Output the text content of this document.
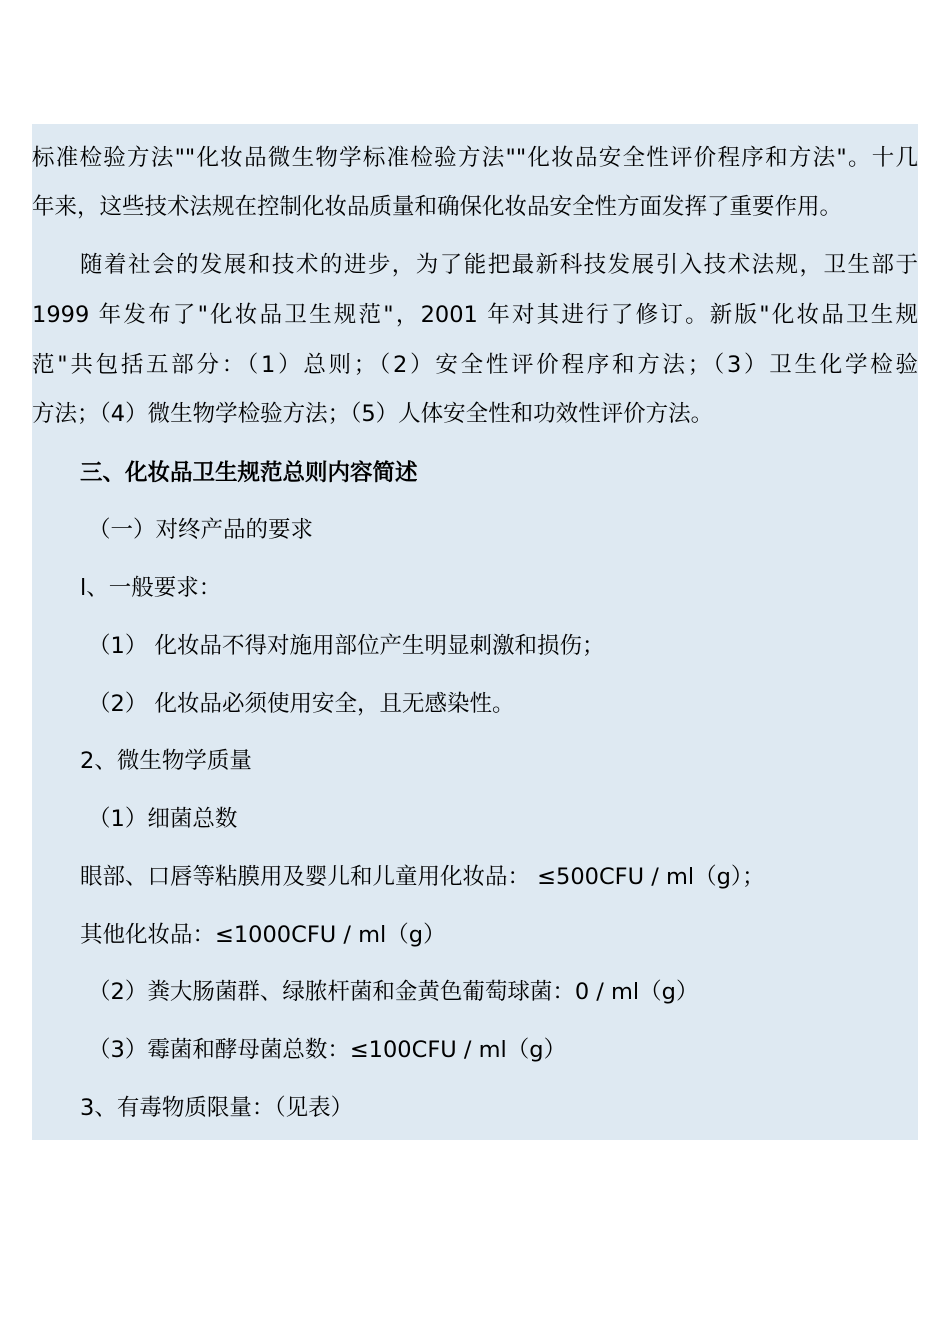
标准检验方法""化妆品微生物学标准检验方法""化妆品安全性评价程序和方法"。十几
年来，这些技术法规在控制化妆品质量和确保化妆品安全性方面发挥了重要作用。
随着社会的发展和技术的进步，为了能把最新科技发展引入技术法规，卫生部于
1999 年发布了"化妆品卫生规范"，2001 年对其进行了修订。新版"化妆品卫生规
范"共包括五部分：（1）总则；（2）安全性评价程序和方法；（3）卫生化学检验
方法；（4）微生物学检验方法；（5）人体安全性和功效性评价方法。
三、化妆品卫生规范总则内容简述
（一）对终产品的要求
l、一般要求：
（1） 化妆品不得对施用部位产生明显刺激和损伤；
（2） 化妆品必须使用安全，且无感染性。
2、微生物学质量
（1）细菌总数
眼部、口唇等粘膜用及婴儿和儿童用化妆品： ≤500CFU / ml（g）；
其他化妆品：≤1000CFU / ml（g）
（2）粪大肠菌群、绿脓杆菌和金黄色葡萄球菌：0 / ml（g）
（3）霉菌和酵母菌总数：≤100CFU / ml（g）
3、有毒物质限量：（见表）
